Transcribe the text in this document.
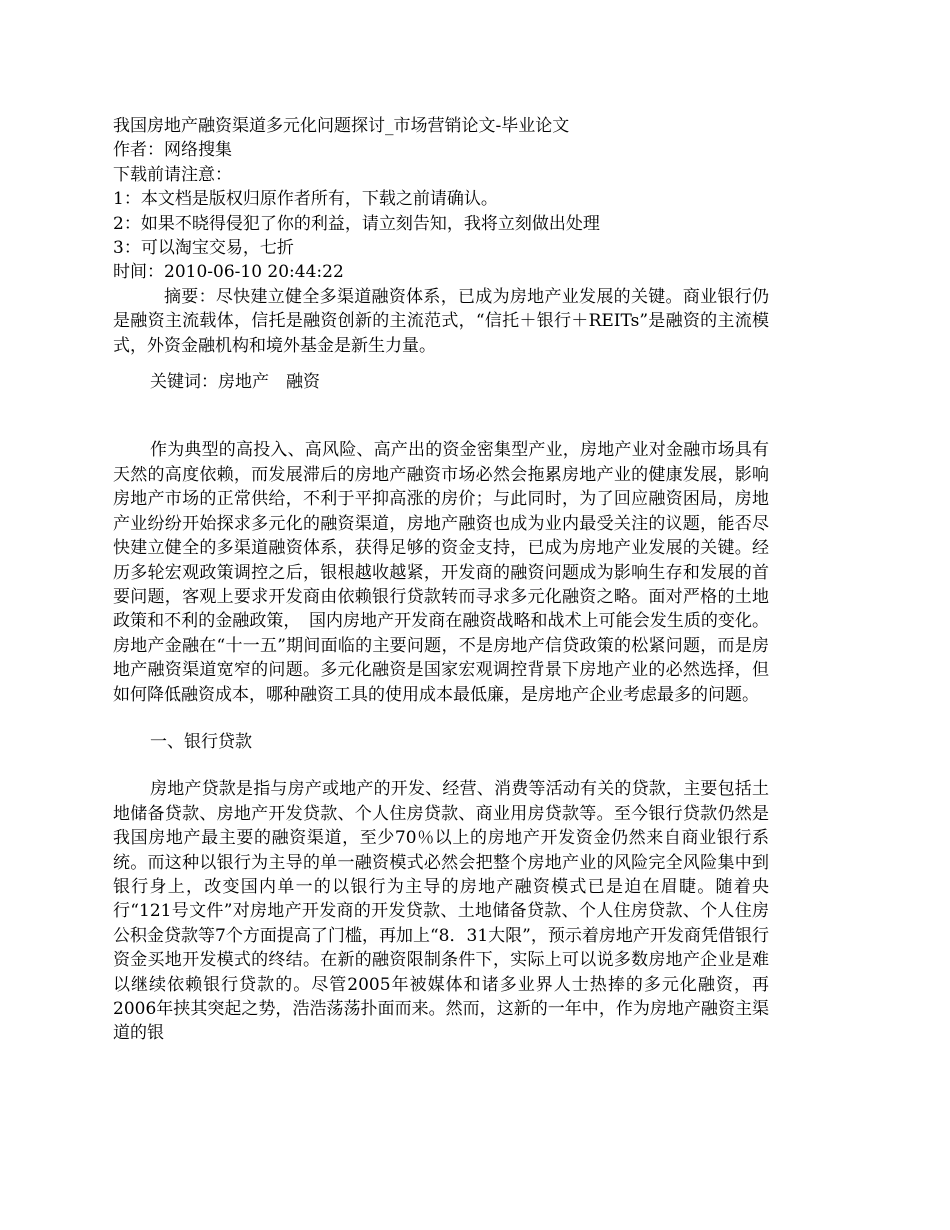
我国房地产融资渠道多元化问题探讨_市场营销论文-毕业论文

作者：网络搜集

下载前请注意：

1：本文档是版权归原作者所有，下载之前请确认。

2：如果不晓得侵犯了你的利益，请立刻告知，我将立刻做出处理

3：可以淘宝交易，七折

时间：2010-06-10 20:44:22

摘要：尽快建立健全多渠道融资体系，已成为房地产业发展的关键。商业银行仍是融资主流载体，信托是融资创新的主流范式，“信托＋银行＋REITs”是融资的主流模式，外资金融机构和境外基金是新生力量。

关键词：房地产　融资

作为典型的高投入、高风险、高产出的资金密集型产业，房地产业对金融市场具有天然的高度依赖，而发展滞后的房地产融资市场必然会拖累房地产业的健康发展，影响房地产市场的正常供给，不利于平抑高涨的房价；与此同时，为了回应融资困局，房地产业纷纷开始探求多元化的融资渠道，房地产融资也成为业内最受关注的议题，能否尽快建立健全的多渠道融资体系，获得足够的资金支持，已成为房地产业发展的关键。经历多轮宏观政策调控之后，银根越收越紧，开发商的融资问题成为影响生存和发展的首要问题，客观上要求开发商由依赖银行贷款转而寻求多元化融资之略。面对严格的土地政策和不利的金融政策，　国内房地产开发商在融资战略和战术上可能会发生质的变化。房地产金融在“十一五”期间面临的主要问题，不是房地产信贷政策的松紧问题，而是房地产融资渠道宽窄的问题。多元化融资是国家宏观调控背景下房地产业的必然选择，但如何降低融资成本，哪种融资工具的使用成本最低廉，是房地产企业考虑最多的问题。

一、银行贷款

房地产贷款是指与房产或地产的开发、经营、消费等活动有关的贷款，主要包括土地储备贷款、房地产开发贷款、个人住房贷款、商业用房贷款等。至今银行贷款仍然是我国房地产最主要的融资渠道，至少70％以上的房地产开发资金仍然来自商业银行系统。而这种以银行为主导的单一融资模式必然会把整个房地产业的风险完全风险集中到银行身上，改变国内单一的以银行为主导的房地产融资模式已是迫在眉睫。随着央行“121号文件”对房地产开发商的开发贷款、土地储备贷款、个人住房贷款、个人住房公积金贷款等7个方面提高了门槛，再加上“8．31大限”，预示着房地产开发商凭借银行资金买地开发模式的终结。在新的融资限制条件下，实际上可以说多数房地产企业是难以继续依赖银行贷款的。尽管2005年被媒体和诸多业界人士热捧的多元化融资，再2006年挟其突起之势，浩浩荡荡扑面而来。然而，这新的一年中，作为房地产融资主渠道的银
